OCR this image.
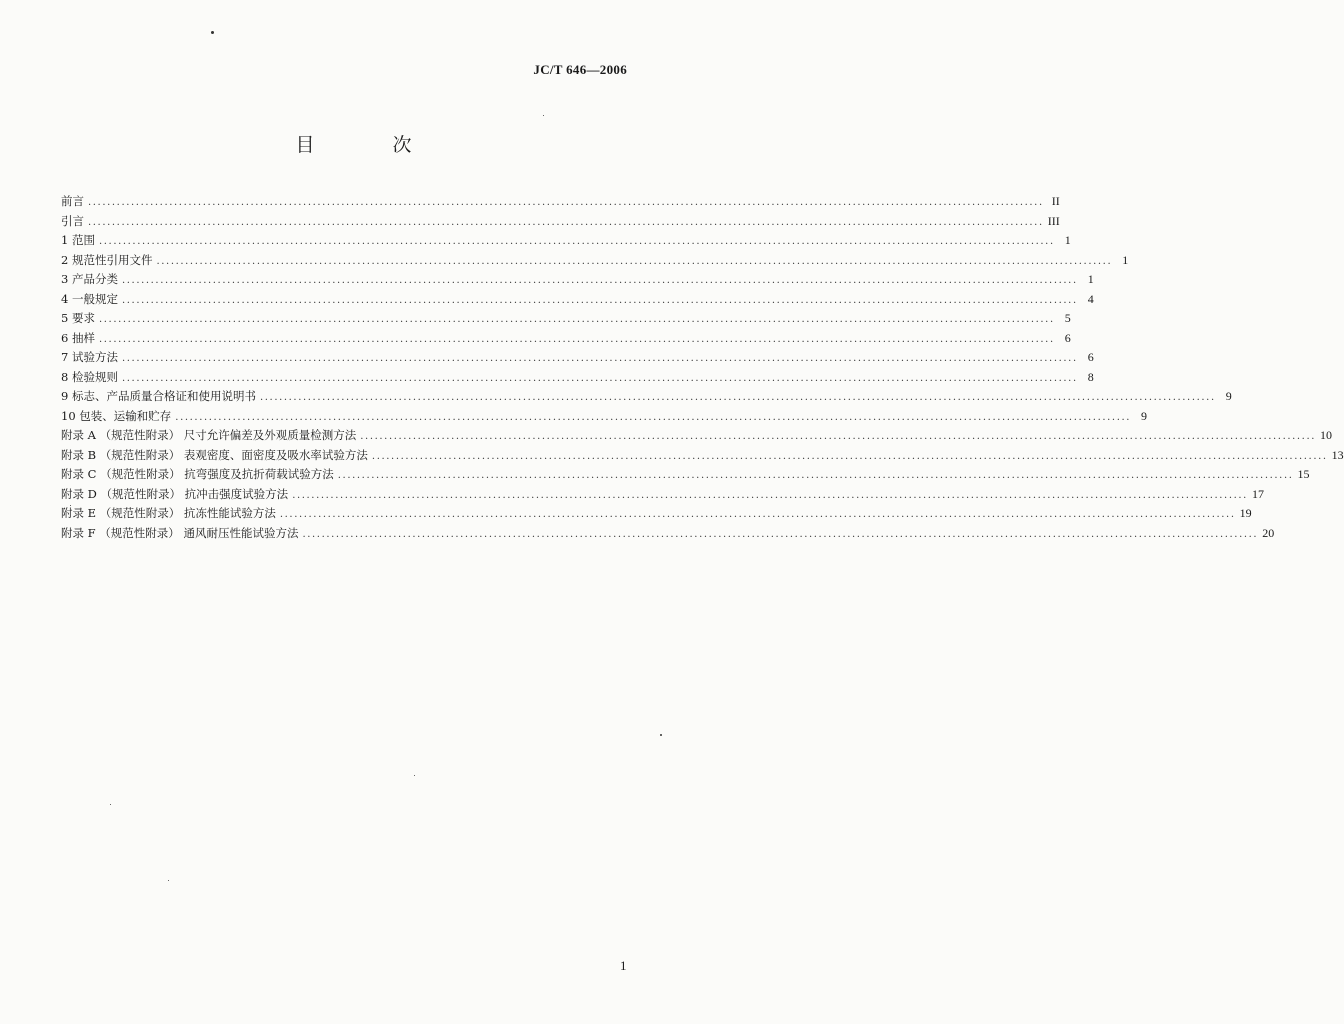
JC/T 646—2006
目 次
前言 ........................................................................................................................................................................................................ II
引言 ........................................................................................................................................................................................................ III
1 范围 ........................................................................................................................................................................................................ 1
2 规范性引用文件 ........................................................................................................................................................................................................ 1
3 产品分类 ........................................................................................................................................................................................................ 1
4 一般规定 ........................................................................................................................................................................................................ 4
5 要求 ........................................................................................................................................................................................................ 5
6 抽样 ........................................................................................................................................................................................................ 6
7 试验方法 ........................................................................................................................................................................................................ 6
8 检验规则 ........................................................................................................................................................................................................ 8
9 标志、产品质量合格证和使用说明书 ........................................................................................................................................................................................................ 9
10 包装、运输和贮存 ........................................................................................................................................................................................................ 9
附录 A （规范性附录） 尺寸允许偏差及外观质量检测方法 ........................................................................................................................................................................................................ 10
附录 B （规范性附录） 表观密度、面密度及吸水率试验方法 ........................................................................................................................................................................................................ 13
附录 C （规范性附录） 抗弯强度及抗折荷载试验方法 ........................................................................................................................................................................................................ 15
附录 D （规范性附录） 抗冲击强度试验方法 ........................................................................................................................................................................................................ 17
附录 E （规范性附录） 抗冻性能试验方法 ........................................................................................................................................................................................................ 19
附录 F （规范性附录） 通风耐压性能试验方法 ........................................................................................................................................................................................................ 20
1
